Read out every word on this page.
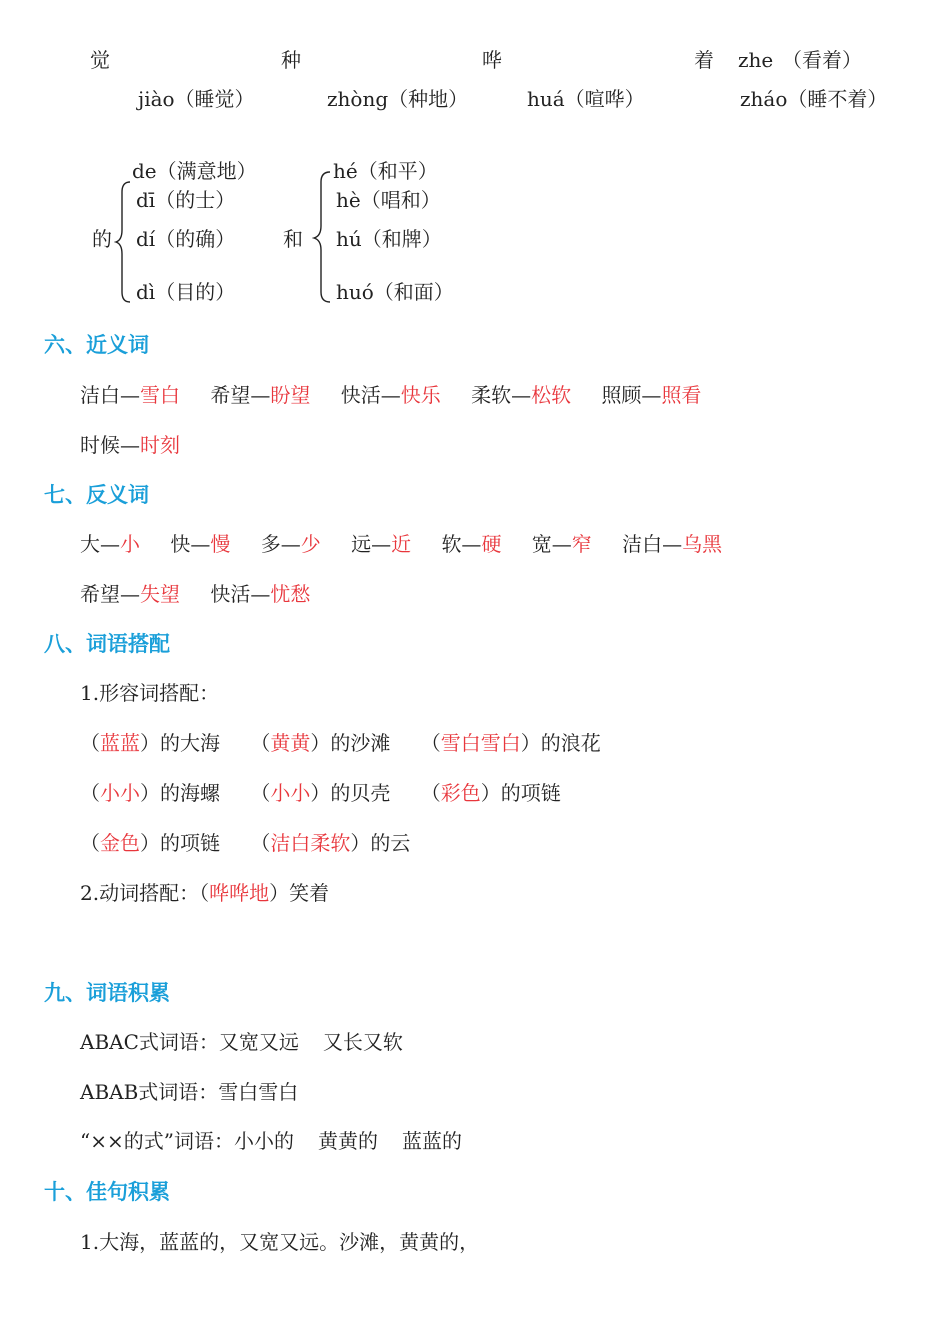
觉	种	哗	着 zhe （看着）
jiào（睡觉）	zhòng（种地）	huá（喧哗）	zháo（睡不着）
的
de（满意地）
dī（的士）
dí（的确）
dì（目的）
和
hé（和平）
hè（唱和）
hú（和牌）
huó（和面）
六、近义词
洁白—雪白 希望—盼望 快活—快乐 柔软—松软 照顾—照看
时候—时刻
七、反义词
大—小 快—慢 多—少 远—近 软—硬 宽—窄 洁白—乌黑
希望—失望 快活—忧愁
八、词语搭配
1.形容词搭配：
（蓝蓝）的大海 （黄黄）的沙滩 （雪白雪白）的浪花
（小小）的海螺 （小小）的贝壳 （彩色）的项链
（金色）的项链 （洁白柔软）的云
2.动词搭配：（哗哗地）笑着
九、词语积累
ABAC式词语：又宽又远 又长又软
ABAB式词语：雪白雪白
“××的式”词语：小小的 黄黄的 蓝蓝的
十、佳句积累
1.大海，蓝蓝的，又宽又远。沙滩，黄黄的，
